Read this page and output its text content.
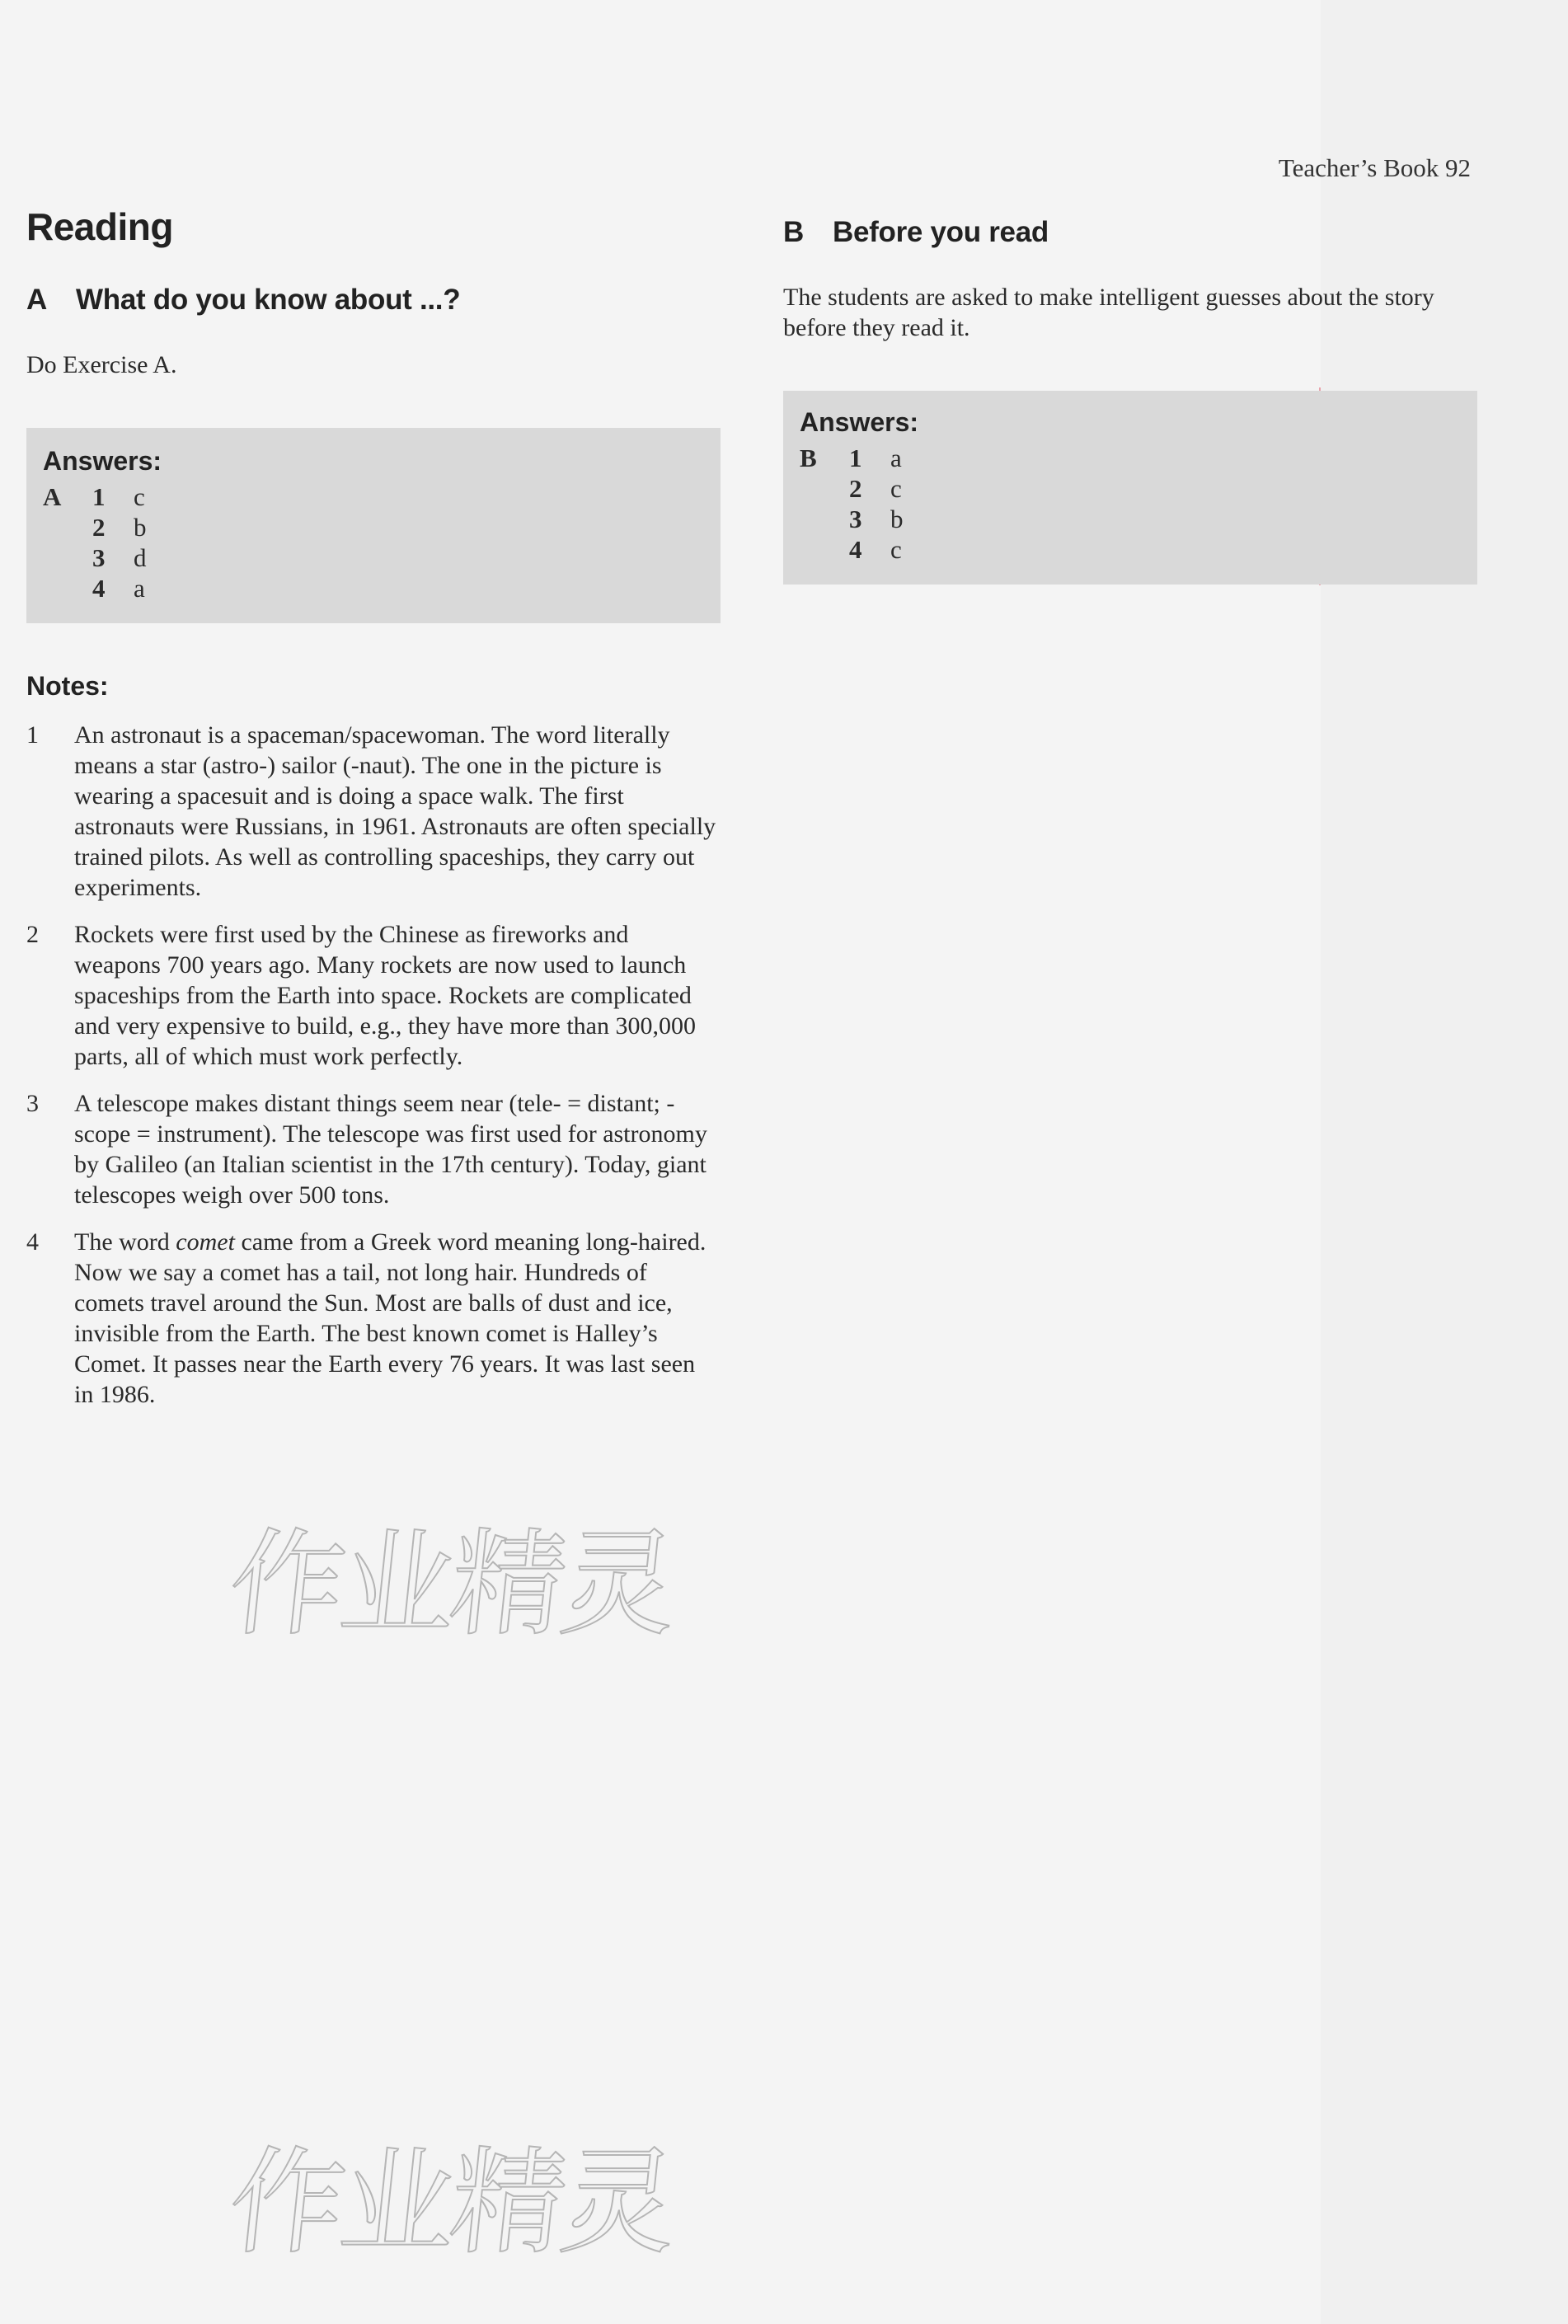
Teacher’s Book 92
Reading
A What do you know about ...?

Do Exercise A.

Answers:
A	1	c
2	b
3	d
4	a
Notes:
1	An astronaut is a spaceman/spacewoman. The word literally means a star (astro-) sailor (-naut). The one in the picture is wearing a spacesuit and is doing a space walk. The first astronauts were Russians, in 1961. Astronauts are often specially trained pilots. As well as controlling spaceships, they carry out experiments.
2	Rockets were first used by the Chinese as fireworks and weapons 700 years ago. Many rockets are now used to launch spaceships from the Earth into space. Rockets are complicated and very expensive to build, e.g., they have more than 300,000 parts, all of which must work perfectly.
3	A telescope makes distant things seem near (tele- = distant; -scope = instrument). The telescope was first used for astronomy by Galileo (an Italian scientist in the 17th century). Today, giant telescopes weigh over 500 tons.
4	The word comet came from a Greek word meaning long-haired. Now we say a comet has a tail, not long hair. Hundreds of comets travel around the Sun. Most are balls of dust and ice, invisible from the Earth. The best known comet is Halley’s Comet. It passes near the Earth every 76 years. It was last seen in 1986.
B Before you read

The students are asked to make intelligent guesses about the story before they read it.

Answers:
B	1	a
2	c
3	b
4	c
作业精灵
作业精灵
